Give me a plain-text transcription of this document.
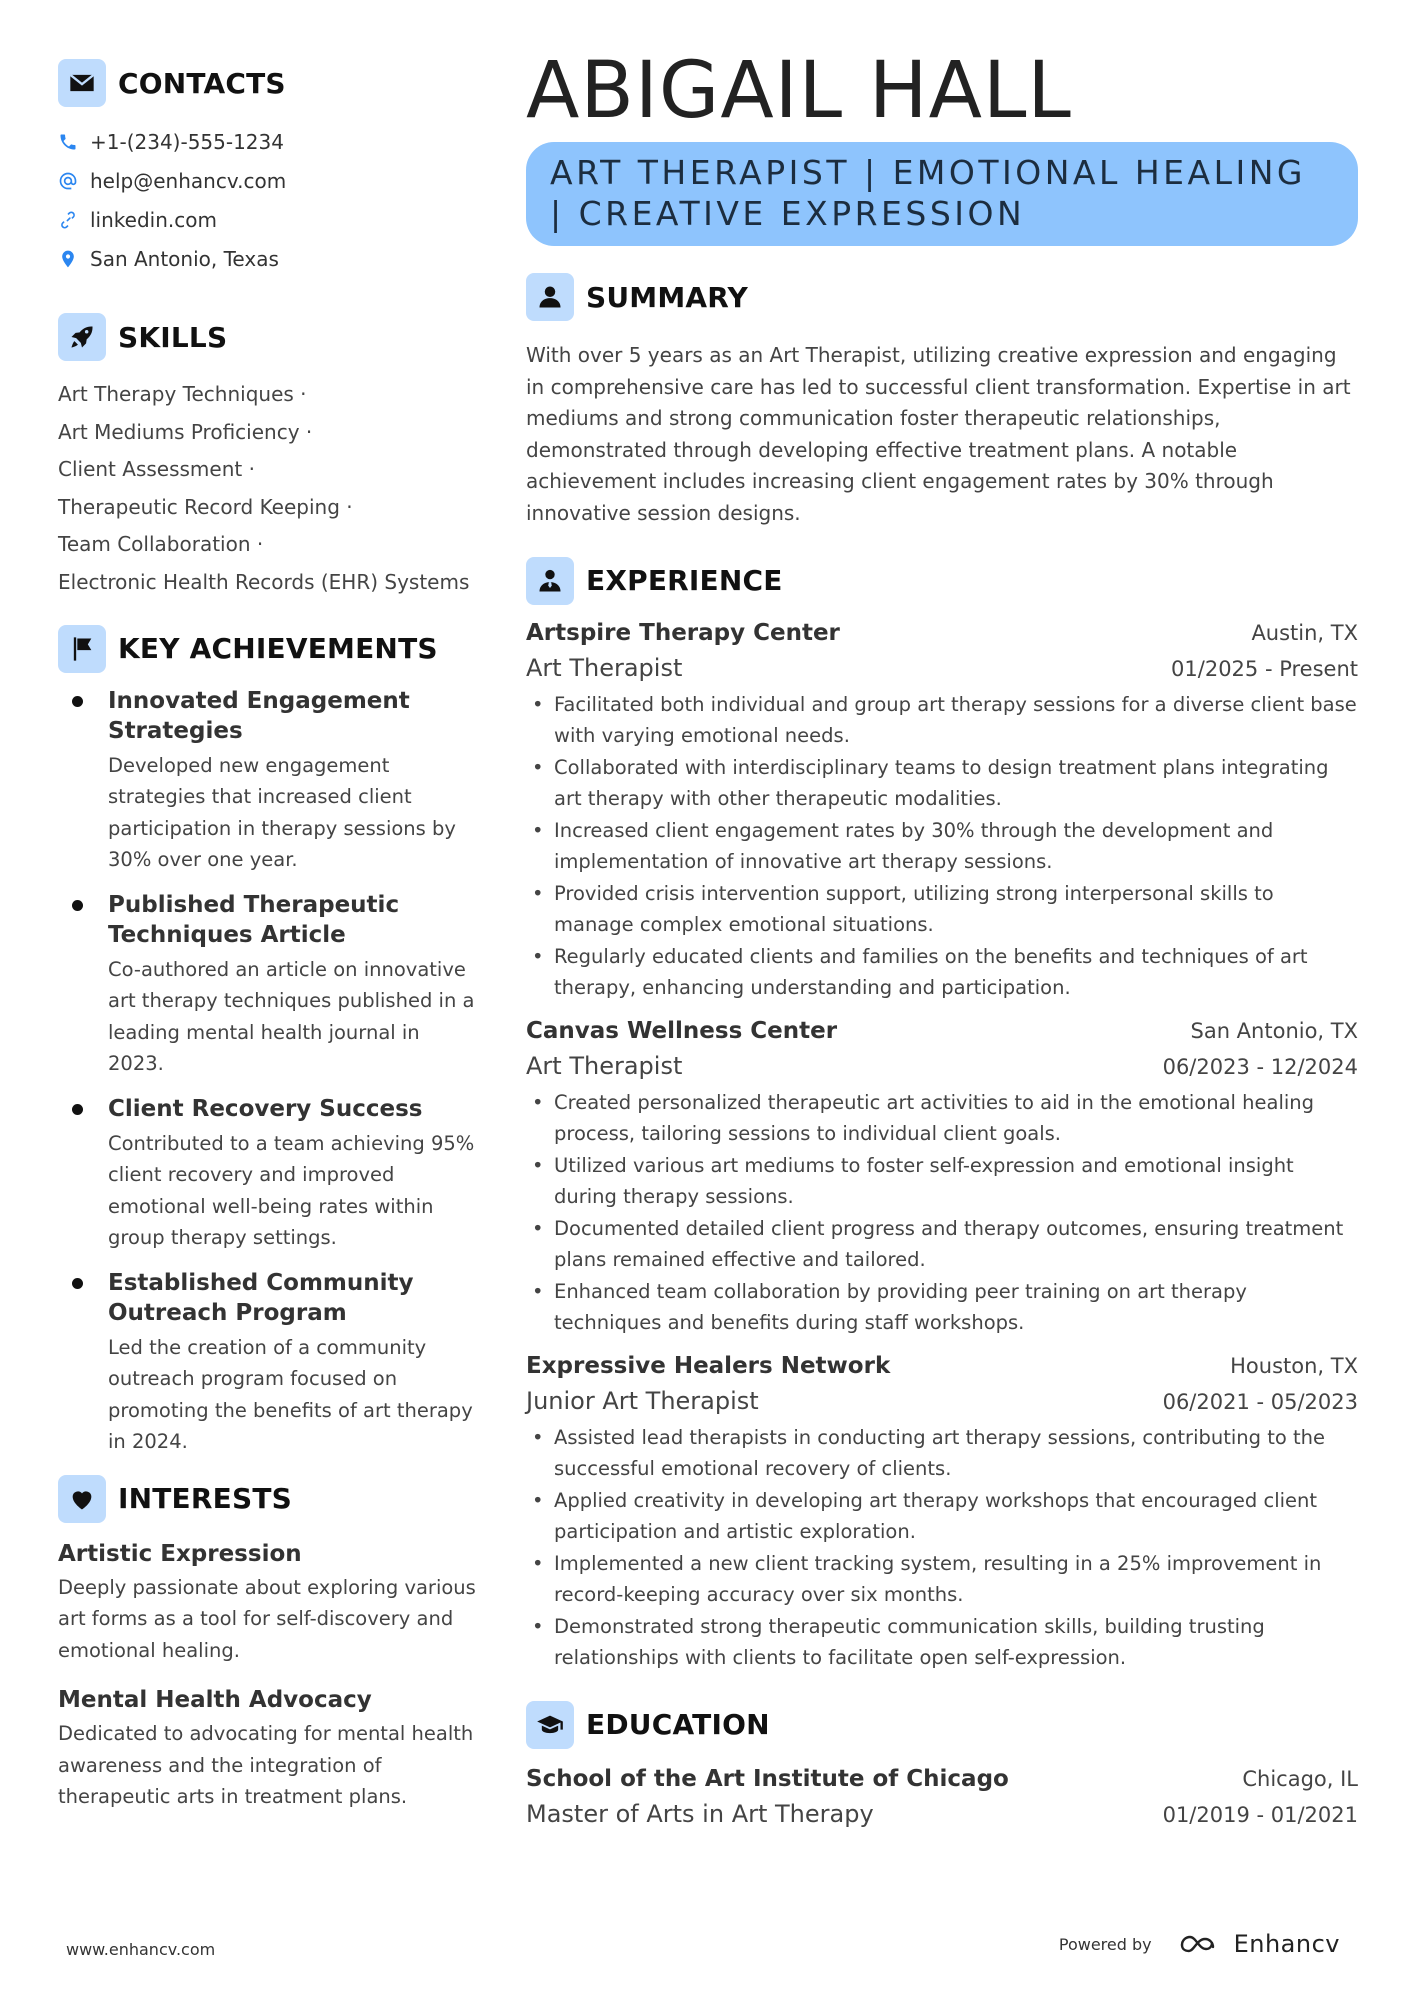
CONTACTS
+1-(234)-555-1234
help@enhancv.com
linkedin.com
San Antonio, Texas
SKILLS
Art Therapy Techniques ·
Art Mediums Proficiency ·
Client Assessment ·
Therapeutic Record Keeping ·
Team Collaboration ·
Electronic Health Records (EHR) Systems
KEY ACHIEVEMENTS
Innovated Engagement Strategies
Developed new engagement strategies that increased client participation in therapy sessions by 30% over one year.
Published Therapeutic Techniques Article
Co-authored an article on innovative art therapy techniques published in a leading mental health journal in 2023.
Client Recovery Success
Contributed to a team achieving 95% client recovery and improved emotional well-being rates within group therapy settings.
Established Community Outreach Program
Led the creation of a community outreach program focused on promoting the benefits of art therapy in 2024.
INTERESTS
Artistic Expression
Deeply passionate about exploring various art forms as a tool for self-discovery and emotional healing.
Mental Health Advocacy
Dedicated to advocating for mental health awareness and the integration of therapeutic arts in treatment plans.
ABIGAIL HALL
ART THERAPIST | EMOTIONAL HEALING | CREATIVE EXPRESSION
SUMMARY
With over 5 years as an Art Therapist, utilizing creative expression and engaging in comprehensive care has led to successful client transformation. Expertise in art mediums and strong communication foster therapeutic relationships, demonstrated through developing effective treatment plans. A notable achievement includes increasing client engagement rates by 30% through innovative session designs.
EXPERIENCE
Artspire Therapy Center	Austin, TX
Art Therapist	01/2025 - Present
• Facilitated both individual and group art therapy sessions for a diverse client base with varying emotional needs.
• Collaborated with interdisciplinary teams to design treatment plans integrating art therapy with other therapeutic modalities.
• Increased client engagement rates by 30% through the development and implementation of innovative art therapy sessions.
• Provided crisis intervention support, utilizing strong interpersonal skills to manage complex emotional situations.
• Regularly educated clients and families on the benefits and techniques of art therapy, enhancing understanding and participation.
Canvas Wellness Center	San Antonio, TX
Art Therapist	06/2023 - 12/2024
• Created personalized therapeutic art activities to aid in the emotional healing process, tailoring sessions to individual client goals.
• Utilized various art mediums to foster self-expression and emotional insight during therapy sessions.
• Documented detailed client progress and therapy outcomes, ensuring treatment plans remained effective and tailored.
• Enhanced team collaboration by providing peer training on art therapy techniques and benefits during staff workshops.
Expressive Healers Network	Houston, TX
Junior Art Therapist	06/2021 - 05/2023
• Assisted lead therapists in conducting art therapy sessions, contributing to the successful emotional recovery of clients.
• Applied creativity in developing art therapy workshops that encouraged client participation and artistic exploration.
• Implemented a new client tracking system, resulting in a 25% improvement in record-keeping accuracy over six months.
• Demonstrated strong therapeutic communication skills, building trusting relationships with clients to facilitate open self-expression.
EDUCATION
School of the Art Institute of Chicago	Chicago, IL
Master of Arts in Art Therapy	01/2019 - 01/2021
www.enhancv.com	Powered by	Enhancv
